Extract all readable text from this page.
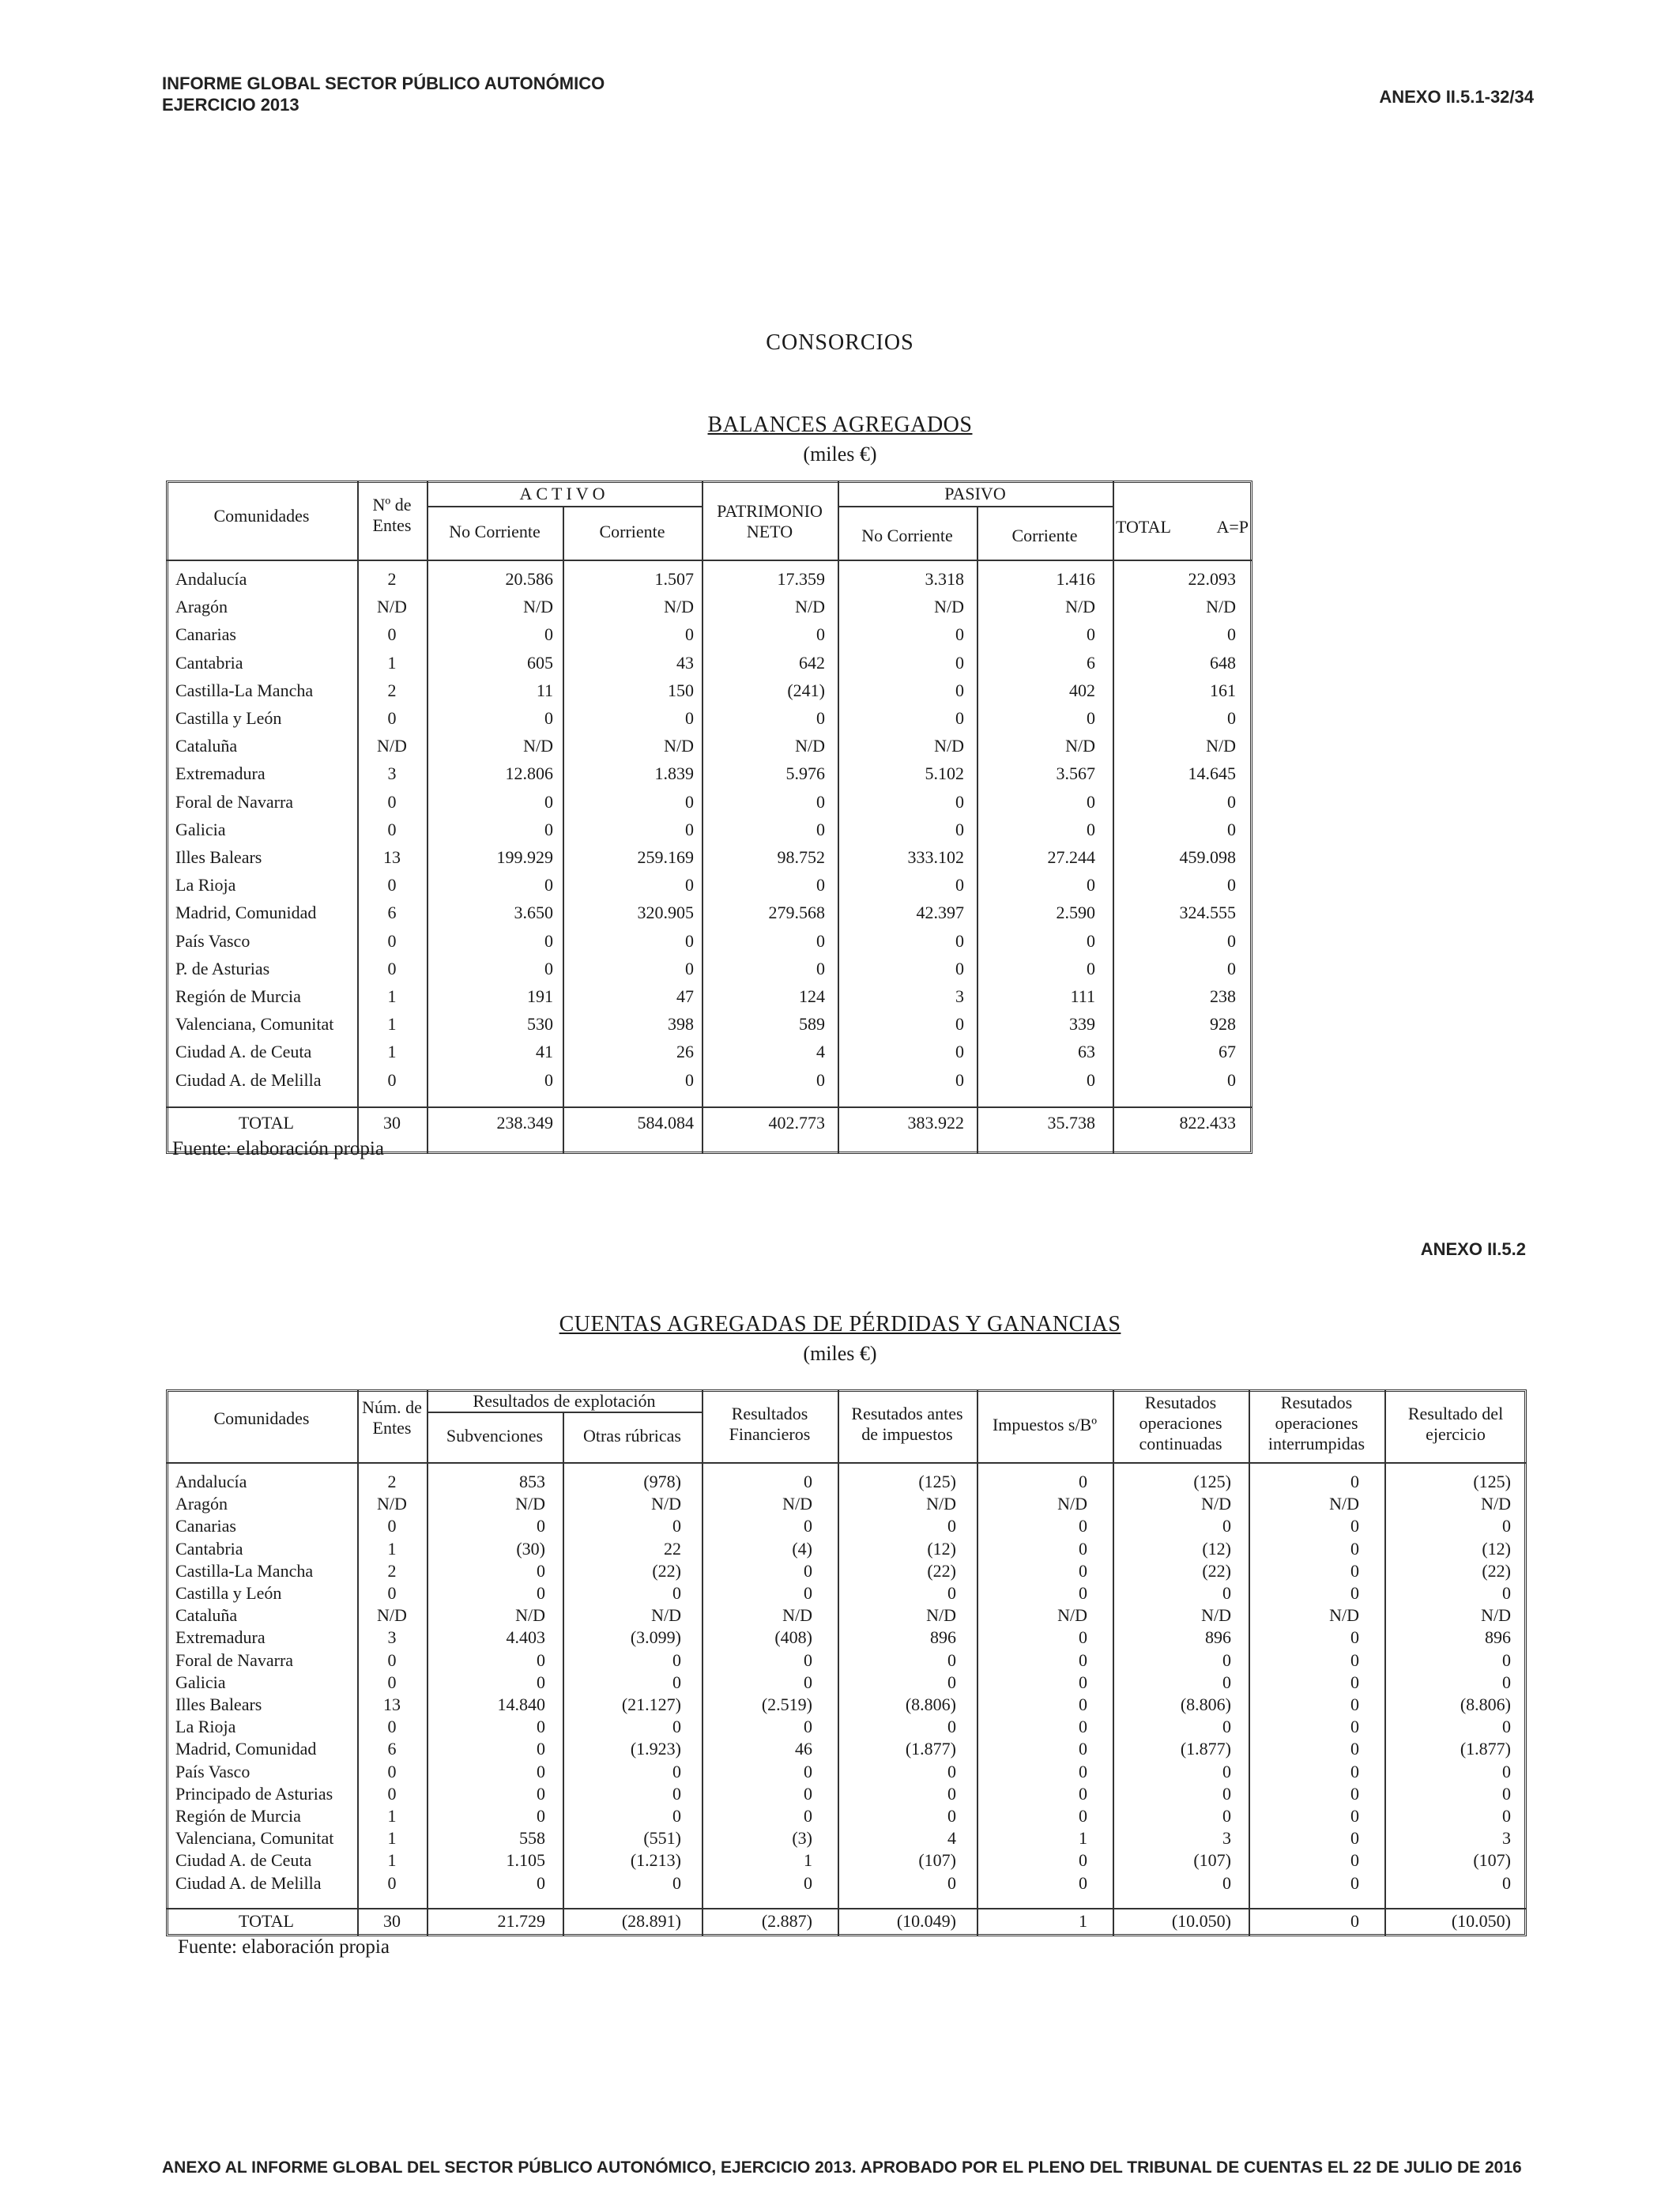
INFORME GLOBAL SECTOR PÚBLICO AUTONÓMICO
EJERCICIO 2013	ANEXO II.5.1-32/34
CONSORCIOS
BALANCES AGREGADOS
(miles €)
Comunidades
Nº de
Entes
ACTIVO
No Corriente	Corriente
PATRIMONIO
NETO
PASIVO
No Corriente	Corriente	TOTAL	A=P
Andalucía	2	20.586	1.507	17.359	3.318	1.416	22.093
Aragón	N/D	N/D	N/D	N/D	N/D	N/D	N/D
Canarias	0	0	0	0	0	0	0
Cantabria	1	605	43	642	0	6	648
Castilla-La Mancha	2	11	150	(241)	0	402	161
Castilla y León	0	0	0	0	0	0	0
Cataluña	N/D	N/D	N/D	N/D	N/D	N/D	N/D
Extremadura	3	12.806	1.839	5.976	5.102	3.567	14.645
Foral de Navarra	0	0	0	0	0	0	0
Galicia	0	0	0	0	0	0	0
Illes Balears	13	199.929	259.169	98.752	333.102	27.244	459.098
La Rioja	0	0	0	0	0	0	0
Madrid, Comunidad	6	3.650	320.905	279.568	42.397	2.590	324.555
País Vasco	0	0	0	0	0	0	0
P. de Asturias	0	0	0	0	0	0	0
Región de Murcia	1	191	47	124	3	111	238
Valenciana, Comunitat	1	530	398	589	0	339	928
Ciudad A. de Ceuta	1	41	26	4	0	63	67
Ciudad A. de Melilla	0	0	0	0	0	0	0
TOTAL	30	238.349	584.084	402.773	383.922	35.738	822.433
Fuente: elaboración propia
ANEXO II.5.2
CUENTAS AGREGADAS DE PÉRDIDAS Y GANANCIAS
(miles €)
Comunidades
Núm. de
Entes
Resultados de explotación
Subvenciones	Otras rúbricas
Resultados
Financieros
Resutados antes
de impuestos	Impuestos s/Bº
Resutados
operaciones
continuadas
Resutados
operaciones
interrumpidas
Resultado del
ejercicio
Andalucía	2	853	(978)	0	(125)	0	(125)	0	(125)
Aragón	N/D	N/D	N/D	N/D	N/D	N/D	N/D	N/D	N/D
Canarias	0	0	0	0	0	0	0	0	0
Cantabria	1	(30)	22	(4)	(12)	0	(12)	0	(12)
Castilla-La Mancha	2	0	(22)	0	(22)	0	(22)	0	(22)
Castilla y León	0	0	0	0	0	0	0	0	0
Cataluña	N/D	N/D	N/D	N/D	N/D	N/D	N/D	N/D	N/D
Extremadura	3	4.403	(3.099)	(408)	896	0	896	0	896
Foral de Navarra	0	0	0	0	0	0	0	0	0
Galicia	0	0	0	0	0	0	0	0	0
Illes Balears	13	14.840	(21.127)	(2.519)	(8.806)	0	(8.806)	0	(8.806)
La Rioja	0	0	0	0	0	0	0	0	0
Madrid, Comunidad	6	0	(1.923)	46	(1.877)	0	(1.877)	0	(1.877)
País Vasco	0	0	0	0	0	0	0	0	0
Principado de Asturias	0	0	0	0	0	0	0	0	0
Región de Murcia	1	0	0	0	0	0	0	0	0
Valenciana, Comunitat	1	558	(551)	(3)	4	1	3	0	3
Ciudad A. de Ceuta	1	1.105	(1.213)	1	(107)	0	(107)	0	(107)
Ciudad A. de Melilla	0	0	0	0	0	0	0	0	0
TOTAL	30	21.729	(28.891)	(2.887)	(10.049)	1	(10.050)	0	(10.050)
Fuente: elaboración propia
ANEXO AL INFORME GLOBAL DEL SECTOR PÚBLICO AUTONÓMICO, EJERCICIO 2013. APROBADO POR EL PLENO DEL TRIBUNAL DE CUENTAS EL 22 DE JULIO DE 2016
